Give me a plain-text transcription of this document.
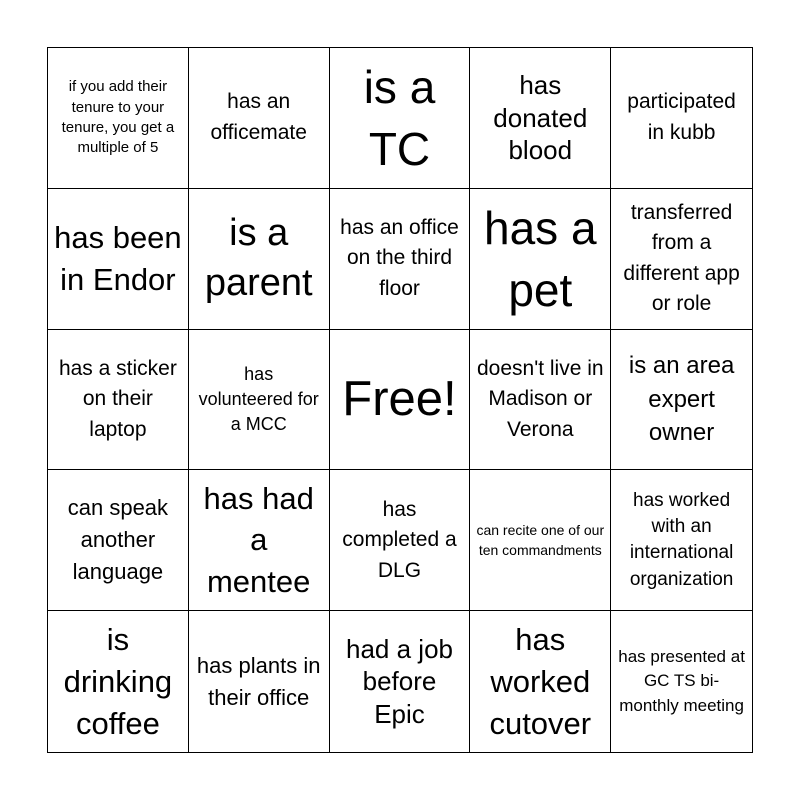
if you add their tenure to your tenure, you get a multiple of 5
has an officemate
is a TC
has donated blood
participated in kubb
has been in Endor
is a parent
has an office on the third floor
has a pet
transferred from a different app or role
has a sticker on their laptop
has volunteered for a MCC	Free!
doesn't live in Madison or Verona
is an area expert owner
can speak another language
has had a mentee
has completed a DLG
can recite one of our ten commandments
has worked with an international organization
is drinking coffee
has plants in their office
had a job before Epic
has worked cutover
has presented at GC TS bi-monthly meeting
